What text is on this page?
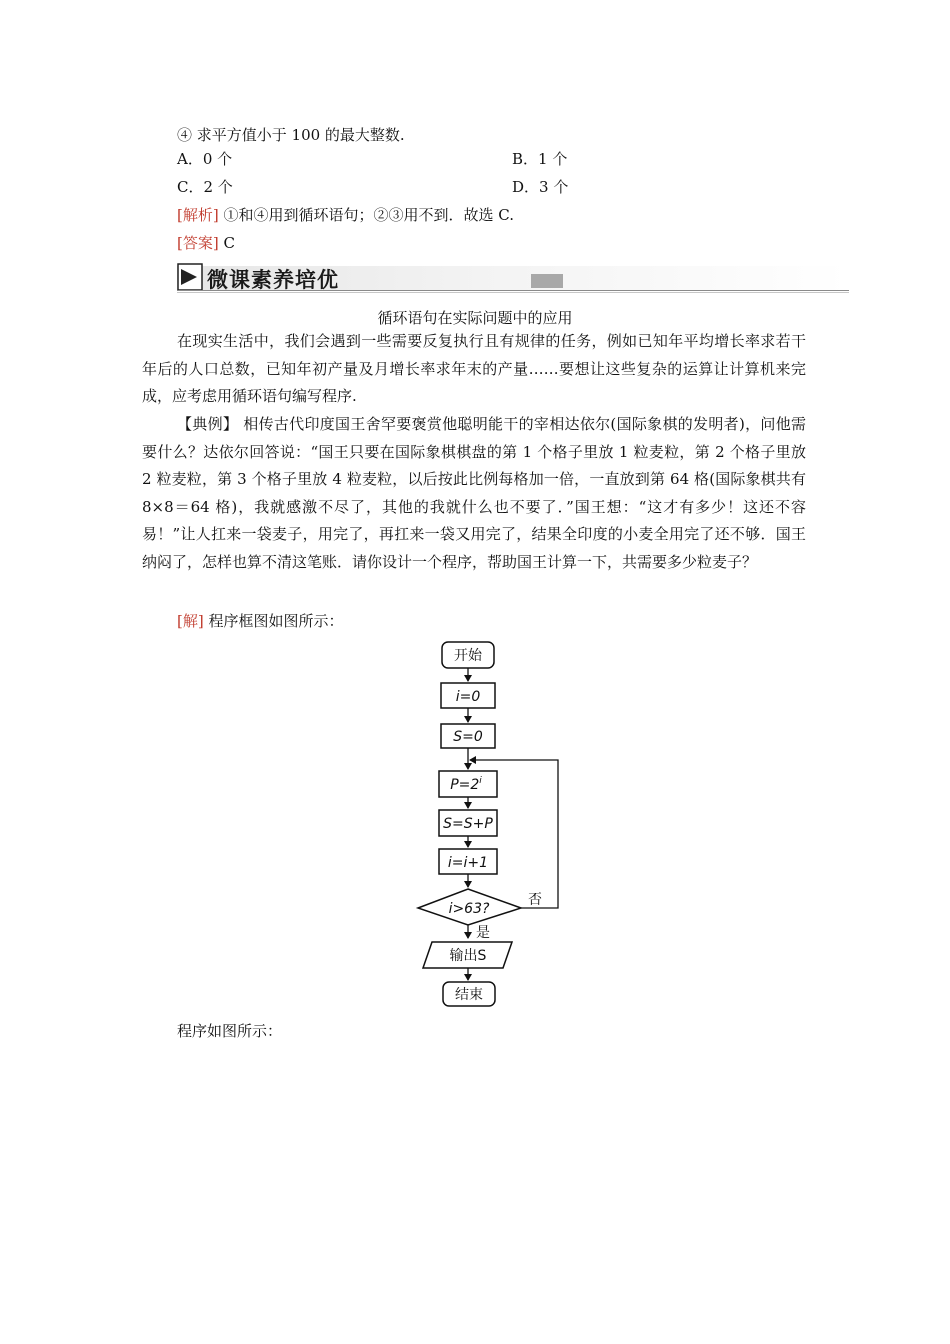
④ 求平方值小于 100 的最大整数.
A．0 个	B．1 个
C．2 个	D．3 个
[解析] ①和④用到循环语句；②③用不到．故选 C.
[答案] C
微课素养培优
循环语句在实际问题中的应用
在现实生活中，我们会遇到一些需要反复执行且有规律的任务，例如已知年平均增长率求若干年后的人口总数，已知年初产量及月增长率求年末的产量……要想让这些复杂的运算让计算机来完成，应考虑用循环语句编写程序.
【典例】 相传古代印度国王舍罕要褒赏他聪明能干的宰相达依尔(国际象棋的发明者)，问他需要什么？达依尔回答说：“国王只要在国际象棋棋盘的第 1 个格子里放 1 粒麦粒，第 2 个格子里放 2 粒麦粒，第 3 个格子里放 4 粒麦粒，以后按此比例每格加一倍，一直放到第 64 格(国际象棋共有 8×8＝64 格)，我就感激不尽了，其他的我就什么也不要了．”国王想：“这才有多少！这还不容易！”让人扛来一袋麦子，用完了，再扛来一袋又用完了，结果全印度的小麦全用完了还不够．国王纳闷了，怎样也算不清这笔账．请你设计一个程序，帮助国王计算一下，共需要多少粒麦子？
[解] 程序框图如图所示：
开始
i=0
S=0
$P=2^i$
S=S+P
i=i+1
i>63?
否
是
输出S
结束
程序如图所示：
